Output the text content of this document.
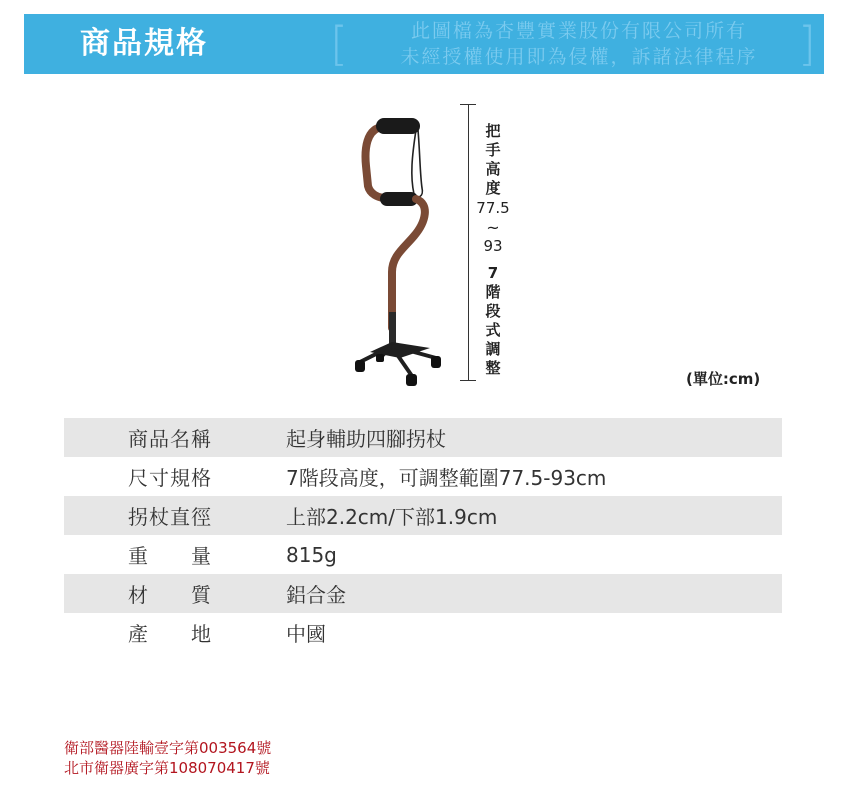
商品規格	[	此圖檔為杏豐實業股份有限公司所有
未經授權使用即為侵權，訴諸法律程序 ]
把
手
高
度
77.5
~
93
7
階
段
式
調
整
(單位:cm)
商品名稱	起身輔助四腳拐杖
尺寸規格	7階段高度，可調整範圍77.5-93cm
拐杖直徑	上部2.2cm/下部1.9cm
重　　量	815g
材　　質	鋁合金
產　　地	中國
衛部醫器陸輸壹字第003564號
北市衛器廣字第108070417號
